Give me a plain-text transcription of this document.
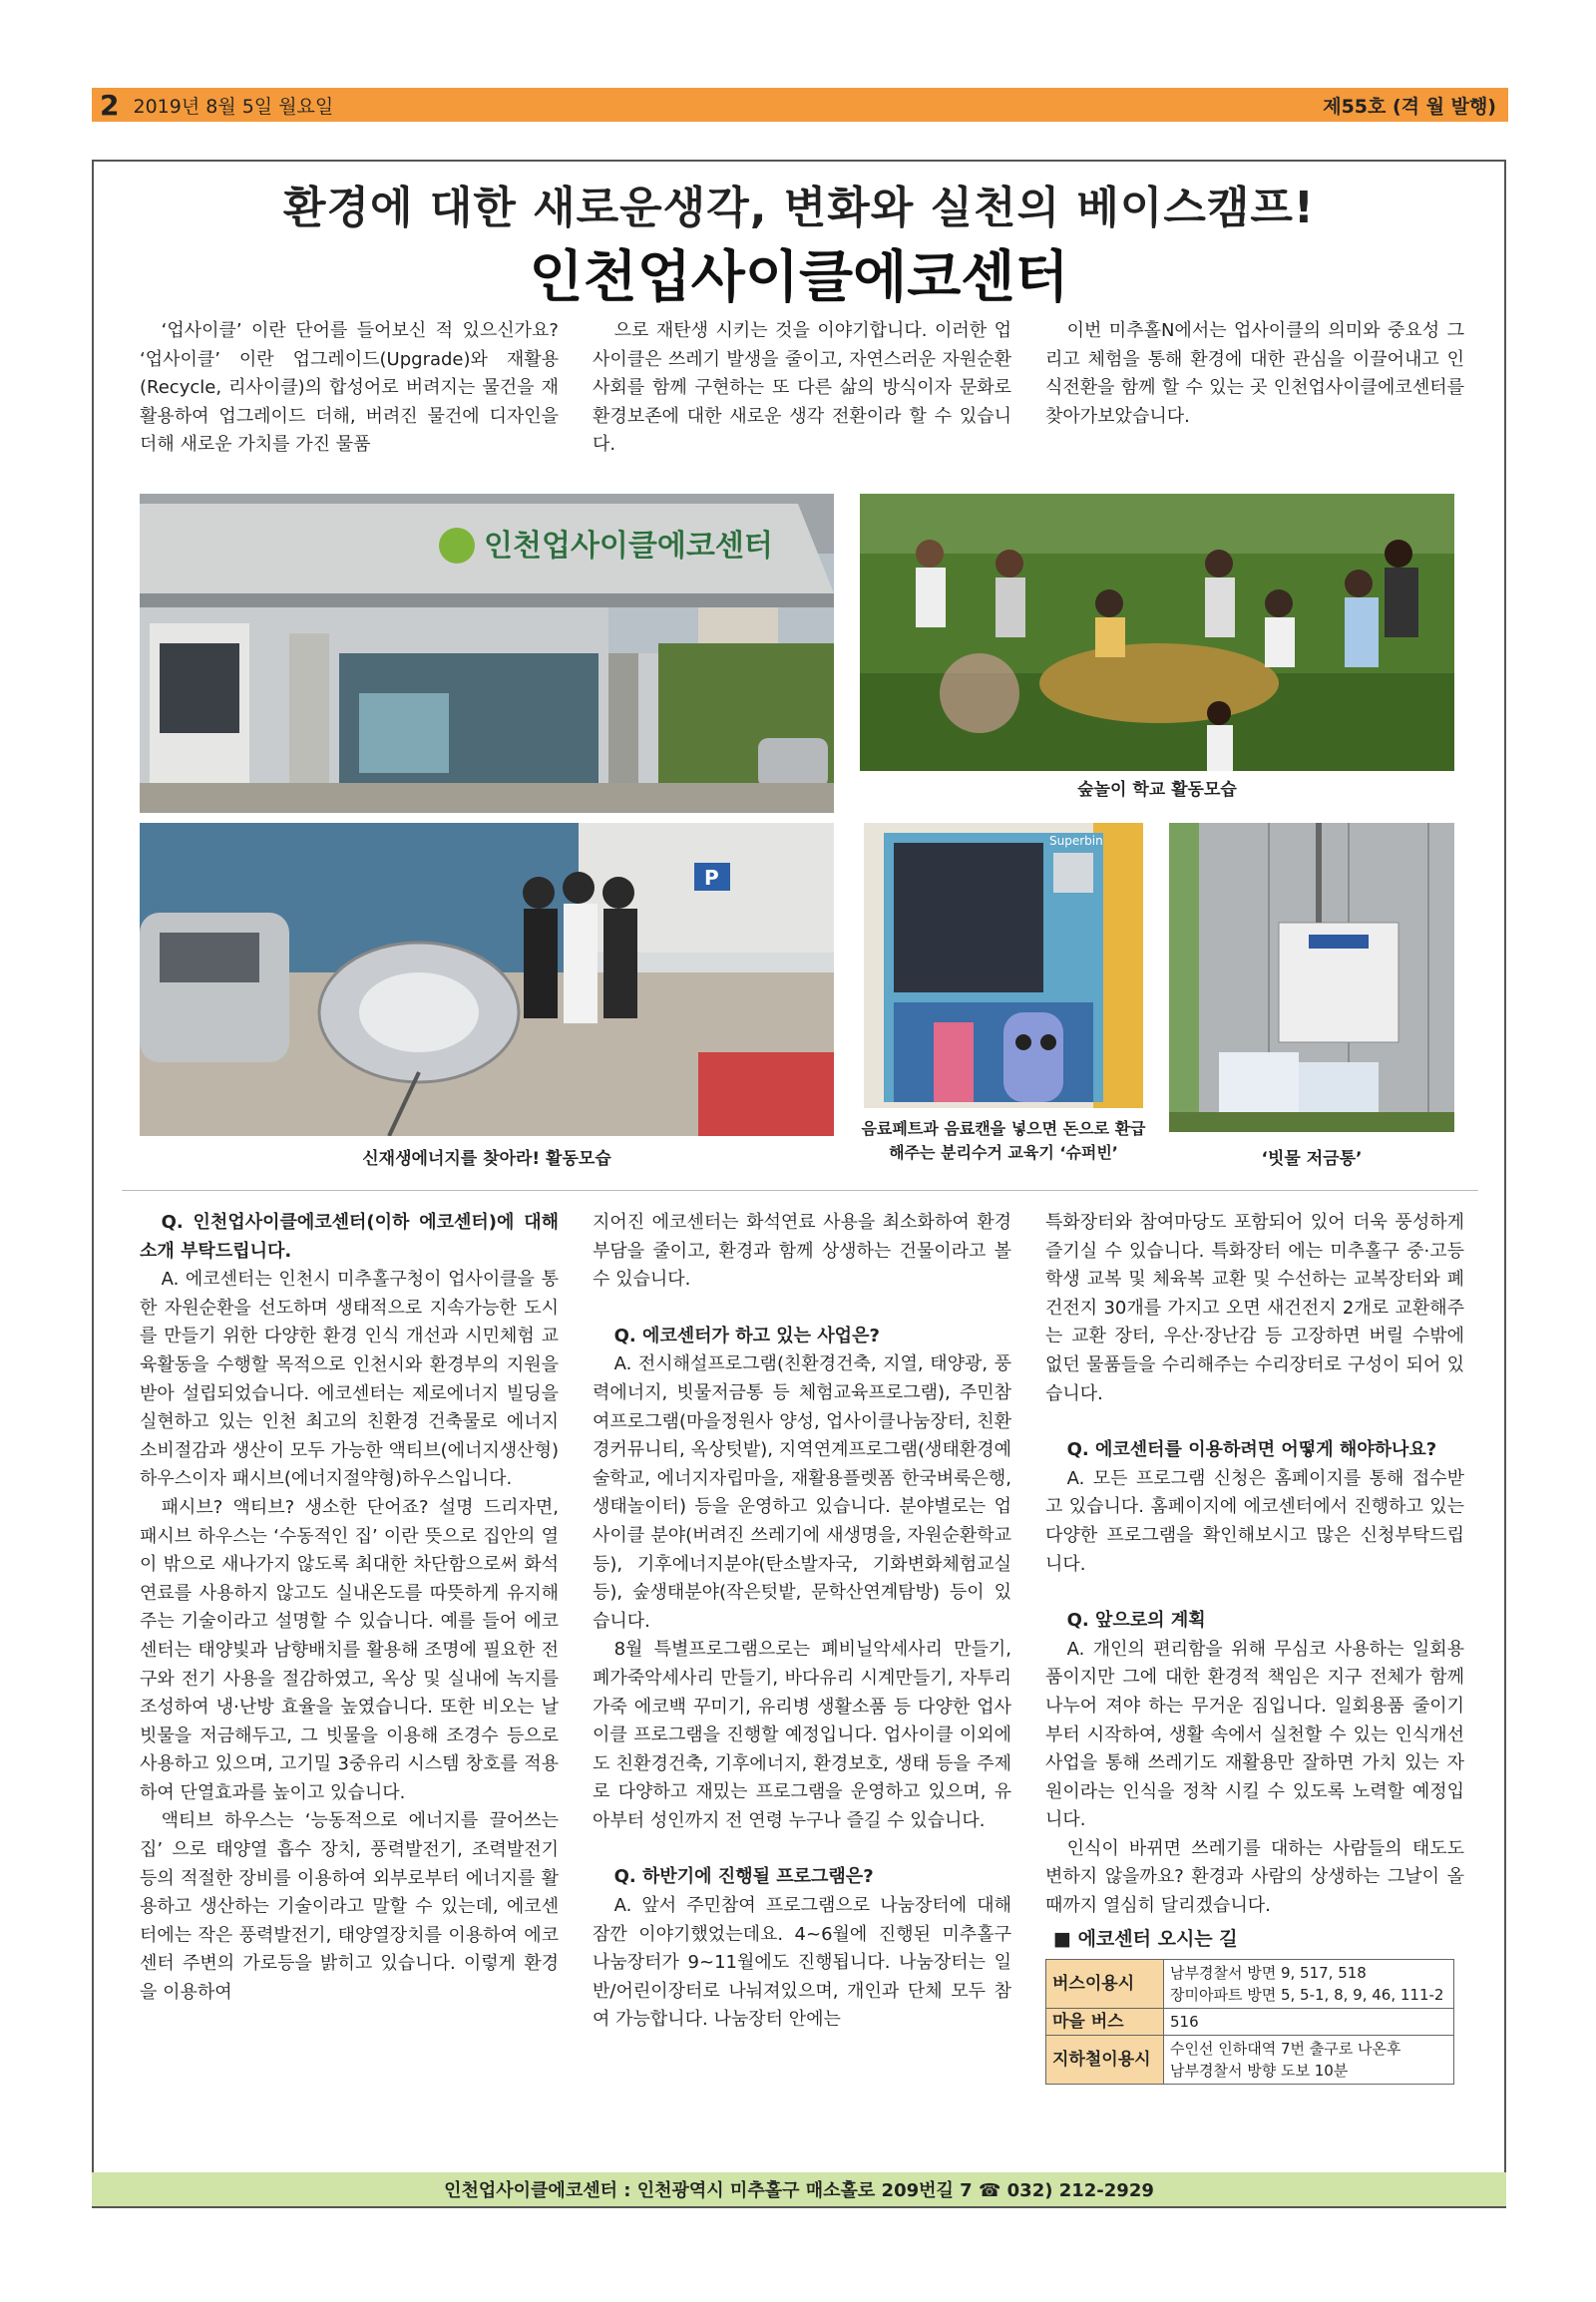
2 2019년 8월 5일 월요일	제55호 (격 월 발행)
환경에 대한 새로운생각, 변화와 실천의 베이스캠프!
인천업사이클에코센터
‘업사이클’ 이란 단어를 들어보신 적 있으신가요? ‘업사이클’ 이란 업그레이드(Upgrade)와 재활용(Recycle, 리사이클)의 합성어로 버려지는 물건을 재활용하여 업그레이드 더해, 버려진 물건에 디자인을 더해 새로운 가치를 가진 물품
으로 재탄생 시키는 것을 이야기합니다. 이러한 업사이클은 쓰레기 발생을 줄이고, 자연스러운 자원순환사회를 함께 구현하는 또 다른 삶의 방식이자 문화로 환경보존에 대한 새로운 생각 전환이라 할 수 있습니다.
이번 미추홀N에서는 업사이클의 의미와 중요성 그리고 체험을 통해 환경에 대한 관심을 이끌어내고 인식전환을 함께 할 수 있는 곳 인천업사이클에코센터를 찾아가보았습니다.
인천업사이클에코센터
숲놀이 학교 활동모습
P
신재생에너지를 찾아라! 활동모습
Superbin
음료페트과 음료캔을 넣으면 돈으로 환급해주는 분리수거 교육기 ‘슈퍼빈’	‘빗물 저금통’

Q. 인천업사이클에코센터(이하 에코센터)에 대해 소개 부탁드립니다.

A. 에코센터는 인천시 미추홀구청이 업사이클을 통한 자원순환을 선도하며 생태적으로 지속가능한 도시를 만들기 위한 다양한 환경 인식 개선과 시민체험 교육활동을 수행할 목적으로 인천시와 환경부의 지원을 받아 설립되었습니다. 에코센터는 제로에너지 빌딩을 실현하고 있는 인천 최고의 친환경 건축물로 에너지 소비절감과 생산이 모두 가능한 액티브(에너지생산형)하우스이자 패시브(에너지절약형)하우스입니다.

패시브? 액티브? 생소한 단어죠? 설명 드리자면, 패시브 하우스는 ‘수동적인 집’ 이란 뜻으로 집안의 열이 밖으로 새나가지 않도록 최대한 차단함으로써 화석연료를 사용하지 않고도 실내온도를 따뜻하게 유지해주는 기술이라고 설명할 수 있습니다. 예를 들어 에코센터는 태양빛과 남향배치를 활용해 조명에 필요한 전구와 전기 사용을 절감하였고, 옥상 및 실내에 녹지를 조성하여 냉·난방 효율을 높였습니다. 또한 비오는 날 빗물을 저금해두고, 그 빗물을 이용해 조경수 등으로 사용하고 있으며, 고기밀 3중유리 시스템 창호를 적용하여 단열효과를 높이고 있습니다.

액티브 하우스는 ‘능동적으로 에너지를 끌어쓰는 집’ 으로 태양열 흡수 장치, 풍력발전기, 조력발전기 등의 적절한 장비를 이용하여 외부로부터 에너지를 활용하고 생산하는 기술이라고 말할 수 있는데, 에코센터에는 작은 풍력발전기, 태양열장치를 이용하여 에코센터 주변의 가로등을 밝히고 있습니다. 이렇게 환경을 이용하여

지어진 에코센터는 화석연료 사용을 최소화하여 환경 부담을 줄이고, 환경과 함께 상생하는 건물이라고 볼 수 있습니다.

Q. 에코센터가 하고 있는 사업은?

A. 전시해설프로그램(친환경건축, 지열, 태양광, 풍력에너지, 빗물저금통 등 체험교육프로그램), 주민참여프로그램(마을정원사 양성, 업사이클나눔장터, 친환경커뮤니티, 옥상텃밭), 지역연계프로그램(생태환경예술학교, 에너지자립마을, 재활용플렛폼 한국벼룩은행, 생태놀이터) 등을 운영하고 있습니다. 분야별로는 업사이클 분야(버려진 쓰레기에 새생명을, 자원순환학교 등), 기후에너지분야(탄소발자국, 기화변화체험교실 등), 숲생태분야(작은텃밭, 문학산연계탐방) 등이 있습니다.

8월 특별프로그램으로는 폐비닐악세사리 만들기, 폐가죽악세사리 만들기, 바다유리 시계만들기, 자투리가죽 에코백 꾸미기, 유리병 생활소품 등 다양한 업사이클 프로그램을 진행할 예정입니다. 업사이클 이외에도 친환경건축, 기후에너지, 환경보호, 생태 등을 주제로 다양하고 재밌는 프로그램을 운영하고 있으며, 유아부터 성인까지 전 연령 누구나 즐길 수 있습니다.

Q. 하반기에 진행될 프로그램은?

A. 앞서 주민참여 프로그램으로 나눔장터에 대해 잠깐 이야기했었는데요. 4~6월에 진행된 미추홀구 나눔장터가 9~11월에도 진행됩니다. 나눔장터는 일반/어린이장터로 나눠져있으며, 개인과 단체 모두 참여 가능합니다. 나눔장터 안에는

특화장터와 참여마당도 포함되어 있어 더욱 풍성하게 즐기실 수 있습니다. 특화장터 에는 미추홀구 중·고등학생 교복 및 체육복 교환 및 수선하는 교복장터와 폐건전지 30개를 가지고 오면 새건전지 2개로 교환해주는 교환 장터, 우산·장난감 등 고장하면 버릴 수밖에 없던 물품들을 수리해주는 수리장터로 구성이 되어 있습니다.

Q. 에코센터를 이용하려면 어떻게 해야하나요?

A. 모든 프로그램 신청은 홈페이지를 통해 접수받고 있습니다. 홈페이지에 에코센터에서 진행하고 있는 다양한 프로그램을 확인해보시고 많은 신청부탁드립니다.

Q. 앞으로의 계획

A. 개인의 편리함을 위해 무심코 사용하는 일회용품이지만 그에 대한 환경적 책임은 지구 전체가 함께 나누어 져야 하는 무거운 짐입니다. 일회용품 줄이기부터 시작하여, 생활 속에서 실천할 수 있는 인식개선사업을 통해 쓰레기도 재활용만 잘하면 가치 있는 자원이라는 인식을 정착 시킬 수 있도록 노력할 예정입니다.

인식이 바뀌면 쓰레기를 대하는 사람들의 태도도 변하지 않을까요? 환경과 사람의 상생하는 그날이 올 때까지 열심히 달리겠습니다.

■ 에코센터 오시는 길
버스이용시	남부경찰서 방면 9, 517, 518
장미아파트 방면 5, 5-1, 8, 9, 46, 111-2

마을 버스	516

지하철이용시	수인선 인하대역 7번 출구로 나온후
남부경찰서 방향 도보 10분
인천업사이클에코센터 : 인천광역시 미추홀구 매소홀로 209번길 7 ☎ 032) 212-2929
